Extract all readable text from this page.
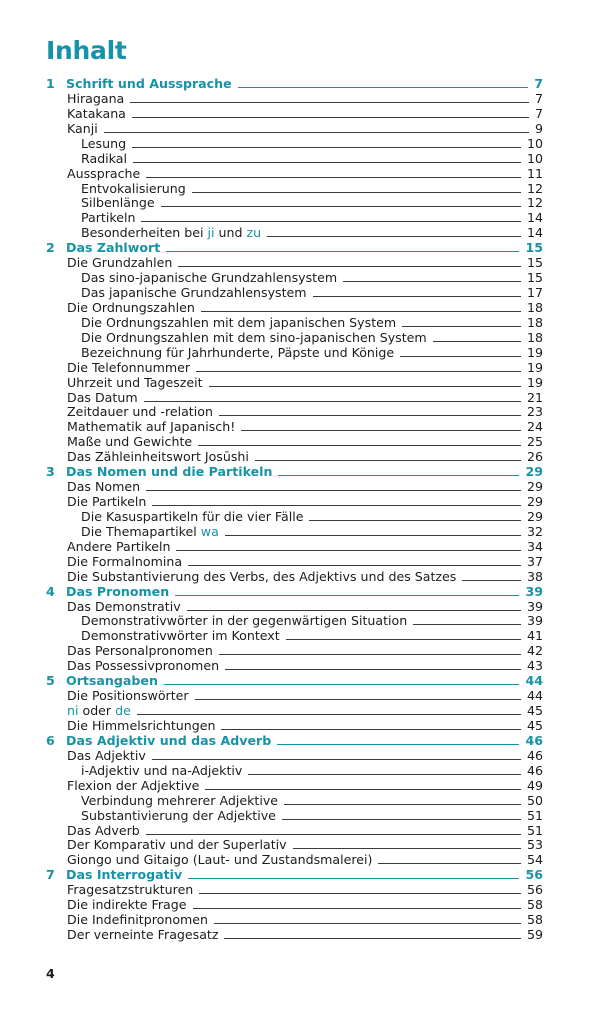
Inhalt
1 Schrift und Aussprache	7
Hiragana	7
Katakana	7
Kanji	9
Lesung	10
Radikal	10
Aussprache	11
Entvokalisierung	12
Silbenlänge	12
Partikeln	14
Besonderheiten bei ji und zu	14
2 Das Zahlwort	15
Die Grundzahlen	15
Das sino-japanische Grundzahlensystem	15
Das japanische Grundzahlensystem	17
Die Ordnungszahlen	18
Die Ordnungszahlen mit dem japanischen System	18
Die Ordnungszahlen mit dem sino-japanischen System	18
Bezeichnung für Jahrhunderte, Päpste und Könige	19
Die Telefonnummer	19
Uhrzeit und Tageszeit	19
Das Datum	21
Zeitdauer und -relation	23
Mathematik auf Japanisch!	24
Maße und Gewichte	25
Das Zähleinheitswort Josūshi	26
3 Das Nomen und die Partikeln	29
Das Nomen	29
Die Partikeln	29
Die Kasuspartikeln für die vier Fälle	29
Die Themapartikel wa	32
Andere Partikeln	34
Die Formalnomina	37
Die Substantivierung des Verbs, des Adjektivs und des Satzes	38
4 Das Pronomen	39
Das Demonstrativ	39
Demonstrativwörter in der gegenwärtigen Situation	39
Demonstrativwörter im Kontext	41
Das Personalpronomen	42
Das Possessivpronomen	43
5 Ortsangaben	44
Die Positionswörter	44
ni oder de	45
Die Himmelsrichtungen	45
6 Das Adjektiv und das Adverb	46
Das Adjektiv	46
i-Adjektiv und na-Adjektiv	46
Flexion der Adjektive	49
Verbindung mehrerer Adjektive	50
Substantivierung der Adjektive	51
Das Adverb	51
Der Komparativ und der Superlativ	53
Giongo und Gitaigo (Laut- und Zustandsmalerei)	54
7 Das Interrogativ	56
Fragesatzstrukturen	56
Die indirekte Frage	58
Die Indefinitpronomen	58
Der verneinte Fragesatz	59
4
